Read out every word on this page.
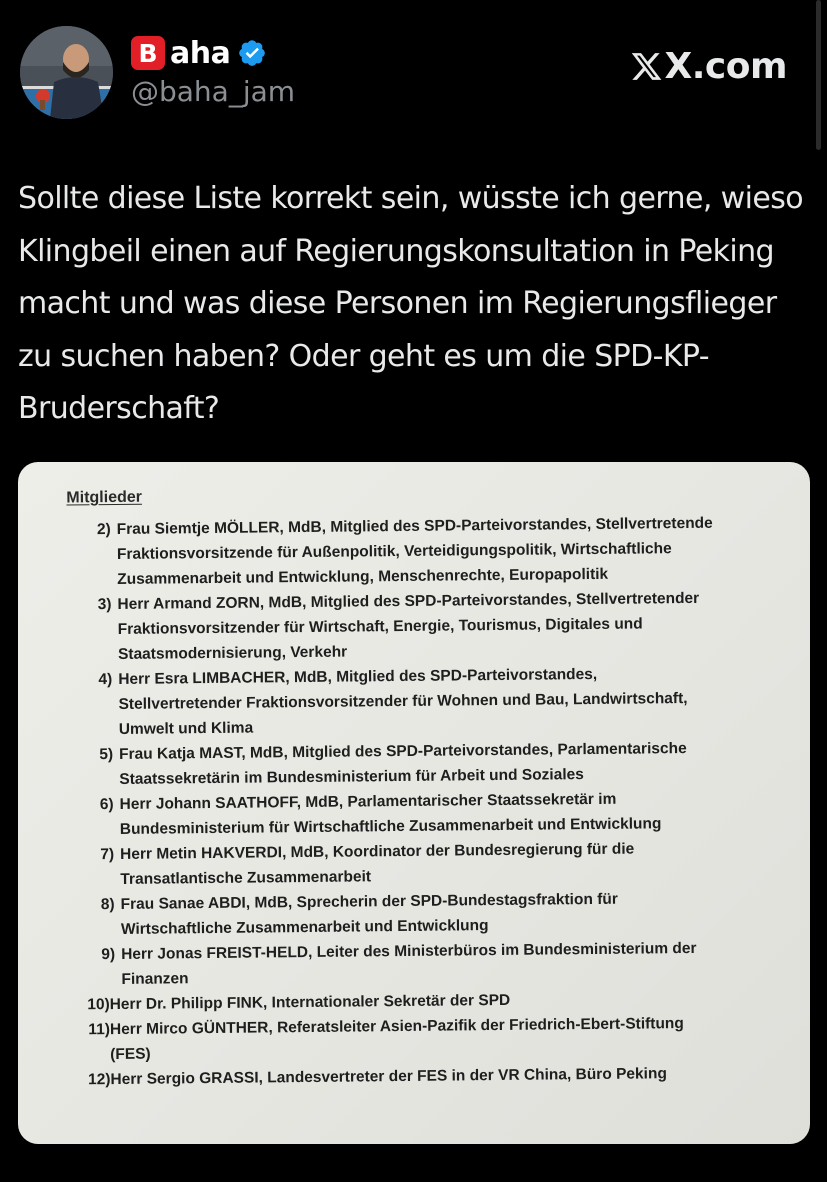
B aha
@baha_jam
X.com

Sollte diese Liste korrekt sein, wüsste ich gerne, wieso Klingbeil einen auf Regierungskonsultation in Peking macht und was diese Personen im Regierungsflieger zu suchen haben? Oder geht es um die SPD-KP-Bruderschaft?

Mitglieder
2) Frau Siemtje MÖLLER, MdB, Mitglied des SPD-Parteivorstandes, Stellvertretende
Fraktionsvorsitzende für Außenpolitik, Verteidigungspolitik, Wirtschaftliche
Zusammenarbeit und Entwicklung, Menschenrechte, Europapolitik
3) Herr Armand ZORN, MdB, Mitglied des SPD-Parteivorstandes, Stellvertretender
Fraktionsvorsitzender für Wirtschaft, Energie, Tourismus, Digitales und
Staatsmodernisierung, Verkehr
4) Herr Esra LIMBACHER, MdB, Mitglied des SPD-Parteivorstandes,
Stellvertretender Fraktionsvorsitzender für Wohnen und Bau, Landwirtschaft,
Umwelt und Klima
5) Frau Katja MAST, MdB, Mitglied des SPD-Parteivorstandes, Parlamentarische
Staatssekretärin im Bundesministerium für Arbeit und Soziales
6) Herr Johann SAATHOFF, MdB, Parlamentarischer Staatssekretär im
Bundesministerium für Wirtschaftliche Zusammenarbeit und Entwicklung
7) Herr Metin HAKVERDI, MdB, Koordinator der Bundesregierung für die
Transatlantische Zusammenarbeit
8) Frau Sanae ABDI, MdB, Sprecherin der SPD-Bundestagsfraktion für
Wirtschaftliche Zusammenarbeit und Entwicklung
9) Herr Jonas FREIST-HELD, Leiter des Ministerbüros im Bundesministerium der
Finanzen
10) Herr Dr. Philipp FINK, Internationaler Sekretär der SPD
11) Herr Mirco GÜNTHER, Referatsleiter Asien-Pazifik der Friedrich-Ebert-Stiftung
(FES)
12) Herr Sergio GRASSI, Landesvertreter der FES in der VR China, Büro Peking
